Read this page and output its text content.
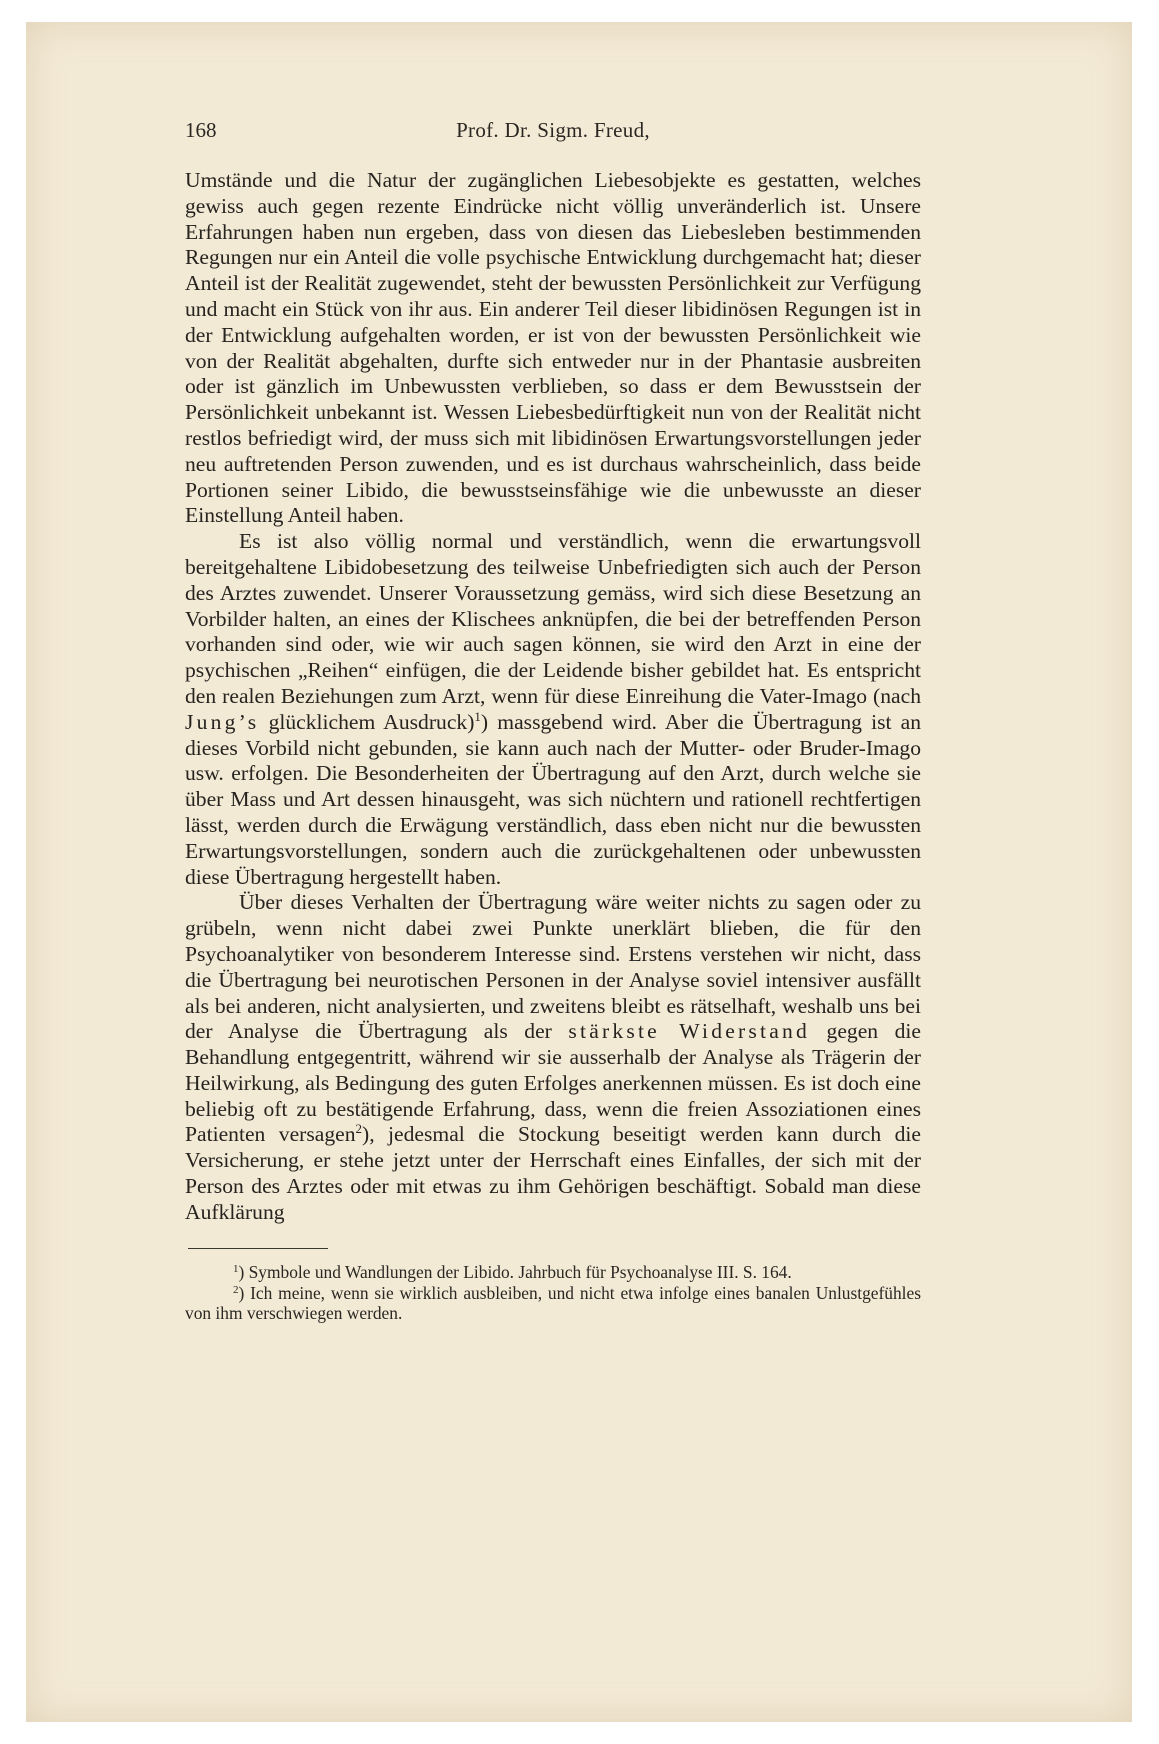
168	Prof. Dr. Sigm. Freud,

Umstände und die Natur der zugänglichen Liebesobjekte es gestatten, welches gewiss auch gegen rezente Eindrücke nicht völlig unveränderlich ist. Unsere Erfahrungen haben nun ergeben, dass von diesen das Liebesleben bestimmenden Regungen nur ein Anteil die volle psychische Entwicklung durchgemacht hat; dieser Anteil ist der Realität zugewendet, steht der bewussten Persönlichkeit zur Verfügung und macht ein Stück von ihr aus. Ein anderer Teil dieser libidinösen Regungen ist in der Entwicklung aufgehalten worden, er ist von der bewussten Persönlichkeit wie von der Realität abgehalten, durfte sich entweder nur in der Phantasie ausbreiten oder ist gänzlich im Unbewussten verblieben, so dass er dem Bewusstsein der Persönlichkeit unbekannt ist. Wessen Liebesbedürftigkeit nun von der Realität nicht restlos befriedigt wird, der muss sich mit libidinösen Erwartungsvorstellungen jeder neu auftretenden Person zuwenden, und es ist durchaus wahrscheinlich, dass beide Portionen seiner Libido, die bewusstseinsfähige wie die unbewusste an dieser Einstellung Anteil haben.

Es ist also völlig normal und verständlich, wenn die erwartungsvoll bereitgehaltene Libidobesetzung des teilweise Unbefriedigten sich auch der Person des Arztes zuwendet. Unserer Voraussetzung gemäss, wird sich diese Besetzung an Vorbilder halten, an eines der Klischees anknüpfen, die bei der betreffenden Person vorhanden sind oder, wie wir auch sagen können, sie wird den Arzt in eine der psychischen „Reihen“ einfügen, die der Leidende bisher gebildet hat. Es entspricht den realen Beziehungen zum Arzt, wenn für diese Einreihung die Vater-Imago (nach Jung’s glücklichem Ausdruck)$^1$) massgebend wird. Aber die Übertragung ist an dieses Vorbild nicht gebunden, sie kann auch nach der Mutter- oder Bruder-Imago usw. erfolgen. Die Besonderheiten der Übertragung auf den Arzt, durch welche sie über Mass und Art dessen hinausgeht, was sich nüchtern und rationell rechtfertigen lässt, werden durch die Erwägung verständlich, dass eben nicht nur die bewussten Erwartungsvorstellungen, sondern auch die zurückgehaltenen oder unbewussten diese Übertragung hergestellt haben.

Über dieses Verhalten der Übertragung wäre weiter nichts zu sagen oder zu grübeln, wenn nicht dabei zwei Punkte unerklärt blieben, die für den Psychoanalytiker von besonderem Interesse sind. Erstens verstehen wir nicht, dass die Übertragung bei neurotischen Personen in der Analyse soviel intensiver ausfällt als bei anderen, nicht analysierten, und zweitens bleibt es rätselhaft, weshalb uns bei der Analyse die Übertragung als der stärkste Widerstand gegen die Behandlung entgegentritt, während wir sie ausserhalb der Analyse als Trägerin der Heilwirkung, als Bedingung des guten Erfolges anerkennen müssen. Es ist doch eine beliebig oft zu bestätigende Erfahrung, dass, wenn die freien Assoziationen eines Patienten versagen$^2$), jedesmal die Stockung beseitigt werden kann durch die Versicherung, er stehe jetzt unter der Herrschaft eines Einfalles, der sich mit der Person des Arztes oder mit etwas zu ihm Gehörigen beschäftigt. Sobald man diese Aufklärung

$^1$) Symbole und Wandlungen der Libido. Jahrbuch für Psychoanalyse III. S. 164.

$^2$) Ich meine, wenn sie wirklich ausbleiben, und nicht etwa infolge eines banalen Unlustgefühles von ihm verschwiegen werden.
